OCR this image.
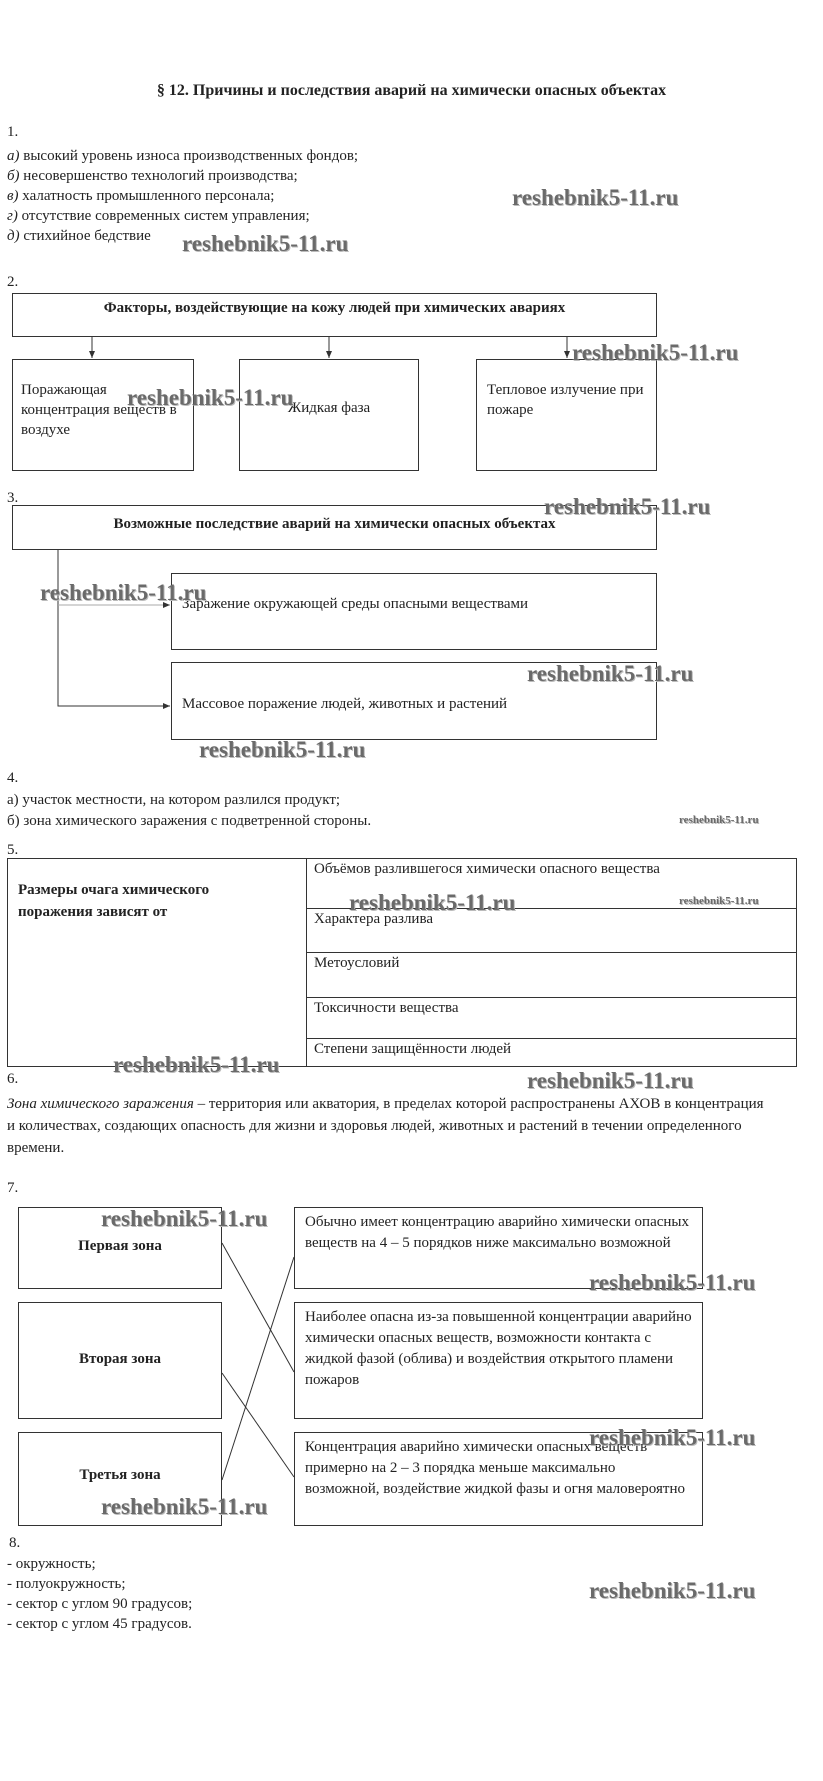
§ 12. Причины и последствия аварий на химически опасных объектах
1.
а) высокий уровень износа производственных фондов;
б) несовершенство технологий производства;
в) халатность промышленного персонала;
г) отсутствие современных систем управления;
д) стихийное бедствие
2.
Факторы, воздействующие на кожу людей при химических авариях
Поражающая концентрация веществ в воздухе
Жидкая фаза
Тепловое излучение при пожаре
3.
Возможные последствие аварий на химически опасных объектах
Заражение окружающей среды опасными веществами
Массовое поражение людей, животных и растений
4.
а) участок местности, на котором разлился продукт;
б) зона химического заражения с подветренной стороны.
5.
Размеры очага химического поражения зависят от
Объёмов разлившегося химически опасного вещества
Характера разлива
Метоусловий
Токсичности вещества
Степени защищённости людей
6.
Зона химического заражения – территория или акватория, в пределах которой распространены АХОВ в концентрация и количествах, создающих опасность для жизни и здоровья людей, животных и растений в течении определенного времени.
7.
Первая зона
Вторая зона
Третья зона
Обычно имеет концентрацию аварийно химически опасных веществ на 4 – 5 порядков ниже максимально возможной
Наиболее опасна из-за повышенной концентрации аварийно химически опасных веществ, возможности контакта с жидкой фазой (облива) и воздействия открытого пламени пожаров
Концентрация аварийно химически опасных веществ примерно на 2 – 3 порядка меньше максимально возможной, воздействие жидкой фазы и огня маловероятно
8.
- окружность;
- полуокружность;
- сектор с углом 90 градусов;
- сектор с углом 45 градусов.
reshebnik5-11.ru
reshebnik5-11.ru
reshebnik5-11.ru
reshebnik5-11.ru
reshebnik5-11.ru
reshebnik5-11.ru
reshebnik5-11.ru
reshebnik5-11.ru
reshebnik5-11.ru
reshebnik5-11.ru	reshebnik5-11.ru
reshebnik5-11.ru
reshebnik5-11.ru
reshebnik5-11.ru
reshebnik5-11.ru
reshebnik5-11.ru
reshebnik5-11.ru
reshebnik5-11.ru
